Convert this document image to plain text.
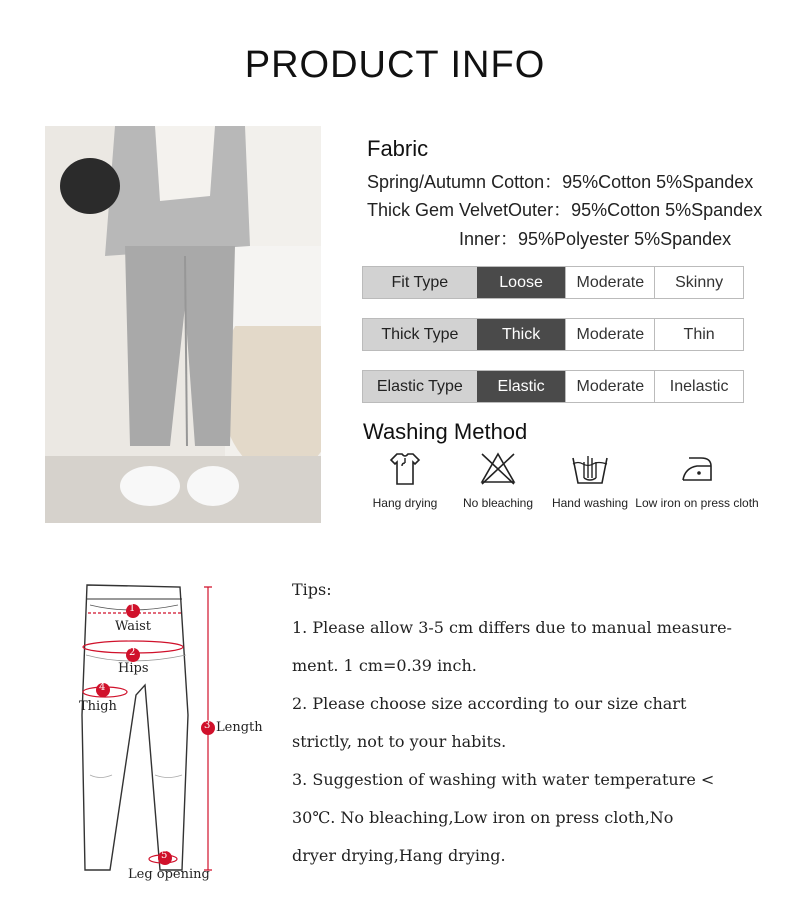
PRODUCT INFO
Fabric
Spring/Autumn Cotton：95%Cotton 5%Spandex
Thick Gem VelvetOuter：95%Cotton 5%Spandex
Inner：95%Polyester 5%Spandex
Fit Type	Loose	Moderate	Skinny
Thick Type	Thick	Moderate	Thin
Elastic Type	Elastic	Moderate	Inelastic
Washing Method
Hang drying	No bleaching Hand washing Low iron on press cloth
1
2
3
4
5
Waist
Hips
Length
Thigh
Leg opening
Tips:
1. Please allow 3-5 cm differs due to manual measure-
ment. 1 cm=0.39 inch.
2. Please choose size according to our size chart
strictly, not to your habits.
3. Suggestion of washing with water temperature <
30℃. No bleaching,Low iron on press cloth,No
dryer drying,Hang drying.
